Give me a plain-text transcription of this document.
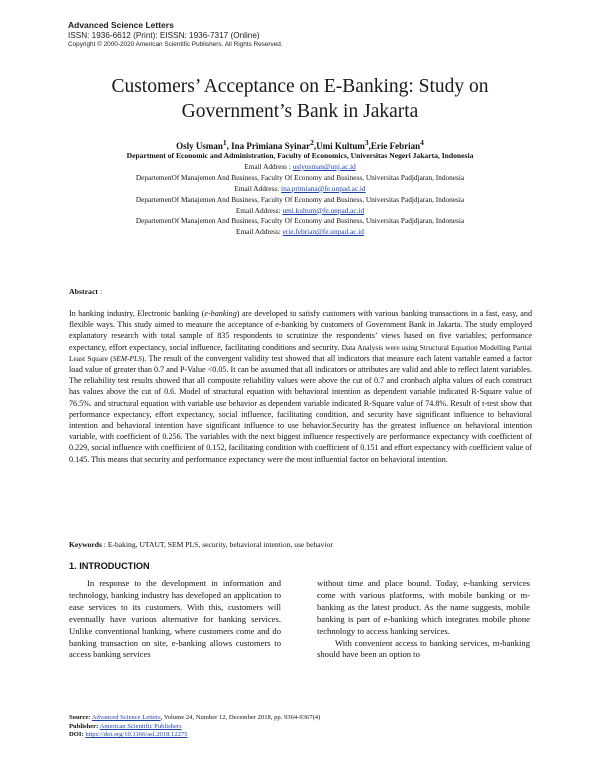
Advanced Science Letters
ISSN: 1936-6612 (Print): EISSN: 1936-7317 (Online)
Copyright © 2000-2020 American Scientific Publishers. All Rights Reserved.
Customers’ Acceptance on E-Banking: Study on
Government’s Bank in Jakarta
Osly Usman$^1$, Ina Primiana Syinar$^2$,Umi Kultum$^3$,Erie Febrian$^4$
Department of Economic and Administration, Faculty of Economics, Universitas Negeri Jakarta, Indonesia
Email Address : oslyusman@unj.ac.id
DepartemenOf Manajemen And Business, Faculty Of Economy and Business, Universitas Padjdjaran, Indonesia
Email Address: ina.primiana@fe.unpad.ac.id
DepartemenOf Manajemen And Business, Faculty Of Economy and Business, Universitas Padjdjaran, Indonesia
Email Address: umi.kultum@fe.unpad.ac.id
DepartemenOf Manajemen And Business, Faculty Of Economy and Business, Universitas Padjdjaran, Indonesia
Email Address: erie.febrian@fe.unpad.ac.id
Abstract :

In banking industry, Electronic banking (e-banking) are developed to satisfy customers with various banking transactions in a fast, easy, and flexible ways. This study aimed to measure the acceptance of e-banking by customers of Government Bank in Jakarta. The study employed explanatory research with total sample of 835 respondents to scrutinize the respondents’ views based on five variables; performance expectancy, effort expectancy, social influence, facilitating conditions and security. Data Analysis were using Structural Equation Modelling Partial Least Square (SEM-PLS). The result of the convergent validity test showed that all indicators that measure each latent variable earned a factor load value of greater than 0.7 and P-Value <0.05. It can be assumed that all indicators or attributes are valid and able to reflect latent variables. The reliability test results showed that all composite reliability values were above the cut of 0.7 and cronbach alpha values of each construct has values above the cut of 0.6. Model of structural equation with behavioral intention as dependent variable indicated R-Square value of 76.5%. and structural equation with variable use behavior as dependent variable indicated R-Square value of 74.8%. Result of t-test show that performance expectancy, effort expectancy, social influence, facilitating condition, and security have significant influence to behavioral intention and behavioral intention have significant influence to use behavior.Security has the greatest influence on behavioral intention variable, with coefficient of 0.256. The variables with the next biggest influence respectively are performance expectancy with coefficient of 0.229, social influence with coefficient of 0.152, facilitating condition with coefficient of 0.151 and effort expectancy with coefficient value of 0.145. This means that security and performance expectancy were the most influential factor on behavioral intention.

Keywords : E-baking, UTAUT, SEM PLS, security, behavioral intention, use behavior
1. INTRODUCTION

In response to the development in information and technology, banking industry has developed an application to ease services to its customers. With this, customers will eventually have various alternative for banking services. Unlike conventional banking, where customers come and do banking transaction on site, e-banking allows customers to access banking services

without time and place bound. Today, e-banking services come with various platforms, with mobile banking or m-banking as the latest product. As the name suggests, mobile banking is part of e-banking which integrates mobile phone technology to access banking services.

With convenient access to banking services, m-banking should have been an option to

Source: Advanced Science Letters, Volume 24, Number 12, December 2018, pp. 9364-9367(4)
Publisher: American Scientific Publishers
DOI: https://doi.org/10.1166/asl.2018.12275
